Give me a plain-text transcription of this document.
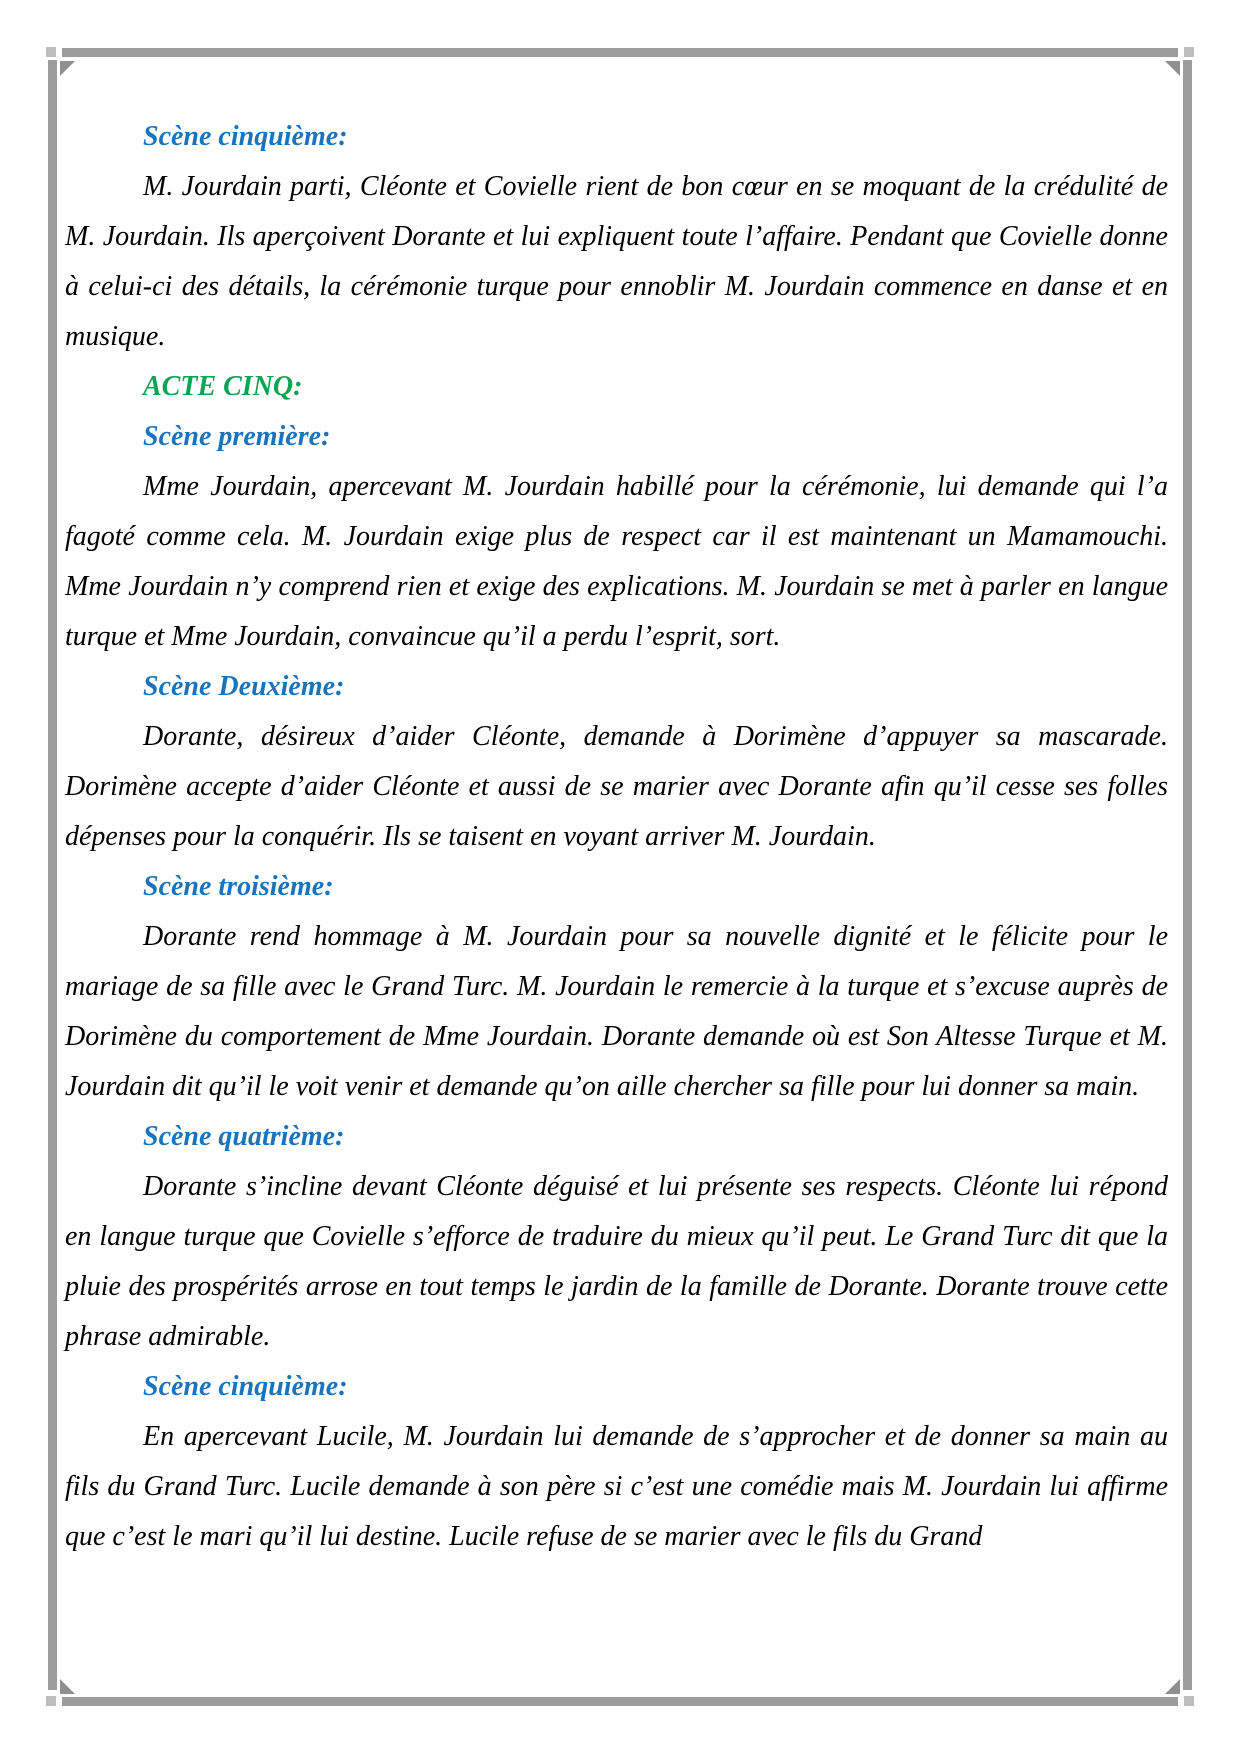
Scène cinquième:

M. Jourdain parti, Cléonte et Covielle rient de bon cœur en se moquant de la crédulité de M. Jourdain. Ils aperçoivent Dorante et lui expliquent toute l’affaire. Pendant que Covielle donne à celui-ci des détails, la cérémonie turque pour ennoblir M. Jourdain commence en danse et en musique.

ACTE CINQ:

Scène première:

Mme Jourdain, apercevant M. Jourdain habillé pour la cérémonie, lui demande qui l’a fagoté comme cela. M. Jourdain exige plus de respect car il est maintenant un Mamamouchi. Mme Jourdain n’y comprend rien et exige des explications. M. Jourdain se met à parler en langue turque et Mme Jourdain, convaincue qu’il a perdu l’esprit, sort.

Scène Deuxième:

Dorante, désireux d’aider Cléonte, demande à Dorimène d’appuyer sa mascarade. Dorimène accepte d’aider Cléonte et aussi de se marier avec Dorante afin qu’il cesse ses folles dépenses pour la conquérir. Ils se taisent en voyant arriver M. Jourdain.

Scène troisième:

Dorante rend hommage à M. Jourdain pour sa nouvelle dignité et le félicite pour le mariage de sa fille avec le Grand Turc. M. Jourdain le remercie à la turque et s’excuse auprès de Dorimène du comportement de Mme Jourdain. Dorante demande où est Son Altesse Turque et M. Jourdain dit qu’il le voit venir et demande qu’on aille chercher sa fille pour lui donner sa main.

Scène quatrième:

Dorante s’incline devant Cléonte déguisé et lui présente ses respects. Cléonte lui répond en langue turque que Covielle s’efforce de traduire du mieux qu’il peut. Le Grand Turc dit que la pluie des prospérités arrose en tout temps le jardin de la famille de Dorante. Dorante trouve cette phrase admirable.

Scène cinquième:

En apercevant Lucile, M. Jourdain lui demande de s’approcher et de donner sa main au fils du Grand Turc. Lucile demande à son père si c’est une comédie mais M. Jourdain lui affirme que c’est le mari qu’il lui destine. Lucile refuse de se marier avec le fils du Grand
